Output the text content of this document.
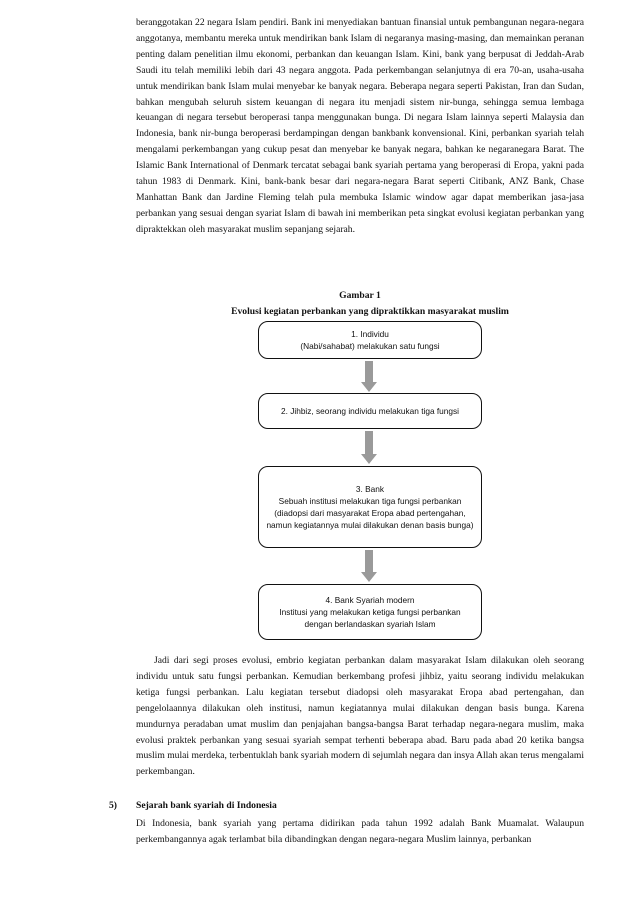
beranggotakan 22 negara Islam pendiri. Bank ini menyediakan bantuan finansial untuk pembangunan negara-negara anggotanya, membantu mereka untuk mendirikan bank Islam di negaranya masing-masing, dan memainkan peranan penting dalam penelitian ilmu ekonomi, perbankan dan keuangan Islam. Kini, bank yang berpusat di Jeddah-Arab Saudi itu telah memiliki lebih dari 43 negara anggota. Pada perkembangan selanjutnya di era 70-an, usaha-usaha untuk mendirikan bank Islam mulai menyebar ke banyak negara. Beberapa negara seperti Pakistan, Iran dan Sudan, bahkan mengubah seluruh sistem keuangan di negara itu menjadi sistem nir-bunga, sehingga semua lembaga keuangan di negara tersebut beroperasi tanpa menggunakan bunga. Di negara Islam lainnya seperti Malaysia dan Indonesia, bank nir-bunga beroperasi berdampingan dengan bankbank konvensional. Kini, perbankan syariah telah mengalami perkembangan yang cukup pesat dan menyebar ke banyak negara, bahkan ke negaranegara Barat. The Islamic Bank International of Denmark tercatat sebagai bank syariah pertama yang beroperasi di Eropa, yakni pada tahun 1983 di Denmark. Kini, bank-bank besar dari negara-negara Barat seperti Citibank, ANZ Bank, Chase Manhattan Bank dan Jardine Fleming telah pula membuka Islamic window agar dapat memberikan jasa-jasa perbankan yang sesuai dengan syariat Islam di bawah ini memberikan peta singkat evolusi kegiatan perbankan yang dipraktekkan oleh masyarakat muslim sepanjang sejarah.

Gambar 1

Evolusi kegiatan perbankan yang dipraktikkan masyarakat muslim

1. Individu
(Nabi/sahabat) melakukan satu fungsi
2. Jihbiz, seorang individu melakukan tiga fungsi
3. Bank
Sebuah institusi melakukan tiga fungsi perbankan
(diadopsi dari masyarakat Eropa abad pertengahan,
namun kegiatannya mulai dilakukan denan basis bunga)
4. Bank Syariah modern
Institusi yang melakukan ketiga fungsi perbankan
dengan berlandaskan syariah Islam

Jadi dari segi proses evolusi, embrio kegiatan perbankan dalam masyarakat Islam dilakukan oleh seorang individu untuk satu fungsi perbankan. Kemudian berkembang profesi jihbiz, yaitu seorang individu melakukan ketiga fungsi perbankan. Lalu kegiatan tersebut diadopsi oleh masyarakat Eropa abad pertengahan, dan pengelolaannya dilakukan oleh institusi, namun kegiatannya mulai dilakukan dengan basis bunga. Karena mundurnya peradaban umat muslim dan penjajahan bangsa-bangsa Barat terhadap negara-negara muslim, maka evolusi praktek perbankan yang sesuai syariah sempat terhenti beberapa abad. Baru pada abad 20 ketika bangsa muslim mulai merdeka, terbentuklah bank syariah modern di sejumlah negara dan insya Allah akan terus mengalami perkembangan.

5) Sejarah bank syariah di Indonesia

Di Indonesia, bank syariah yang pertama didirikan pada tahun 1992 adalah Bank Muamalat. Walaupun perkembangannya agak terlambat bila dibandingkan dengan negara-negara Muslim lainnya, perbankan
